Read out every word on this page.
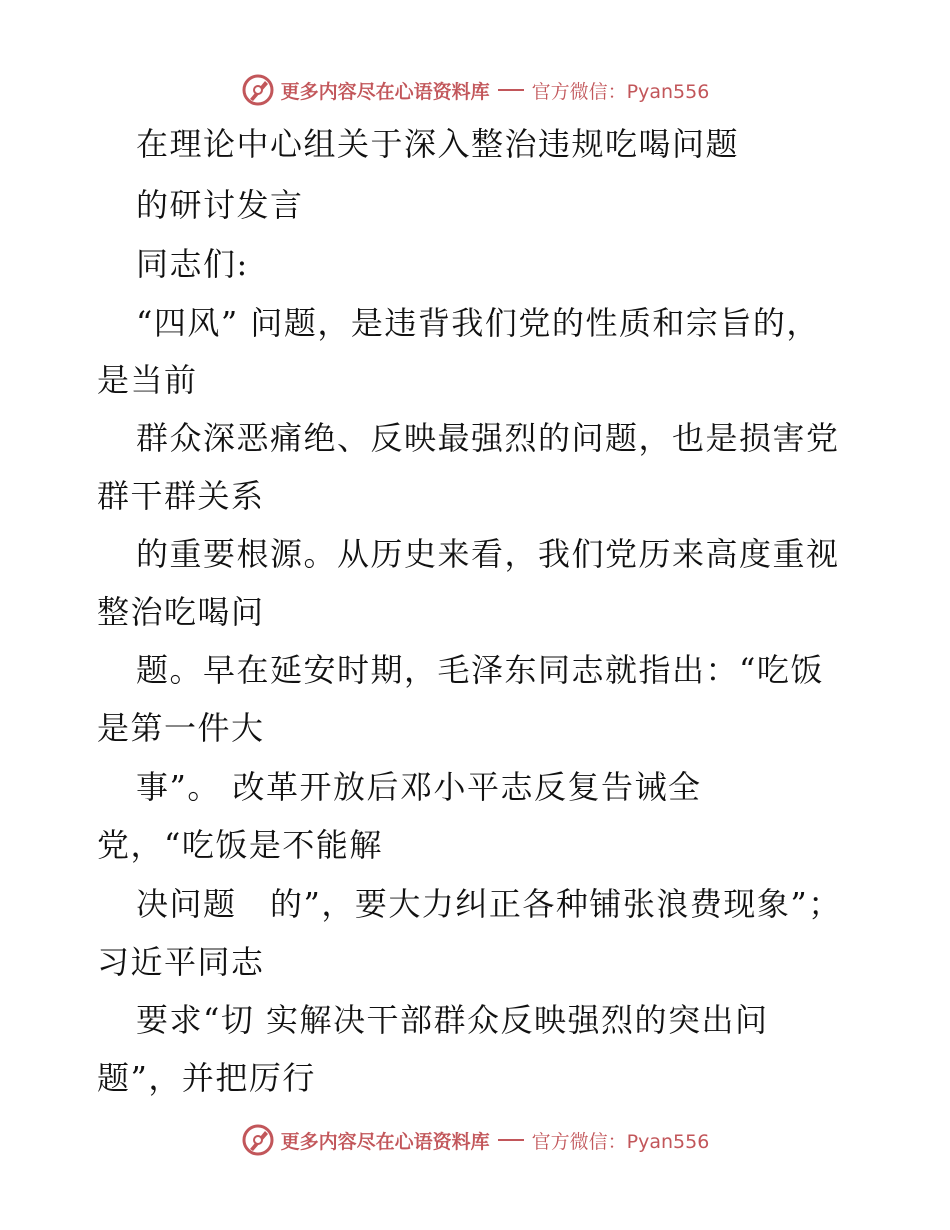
更多内容尽在心语资料库 官方微信：Pyan556
在理论中心组关于深入整治违规吃喝问题
的研讨发言
同志们:
“四风” 问题，是违背我们党的性质和宗旨的，
是当前
群众深恶痛绝、反映最强烈的问题，也是损害党
群干群关系
的重要根源。从历史来看，我们党历来高度重视
整治吃喝问
题。早在延安时期，毛泽东同志就指出：“吃饭
是第一件大
事”。 改革开放后邓小平志反复告诫全
党，“吃饭是不能解
决问题　的”，要大力纠正各种铺张浪费现象”；
习近平同志
要求“切 实解决干部群众反映强烈的突出问
题”，并把厉行
更多内容尽在心语资料库 官方微信：Pyan556
